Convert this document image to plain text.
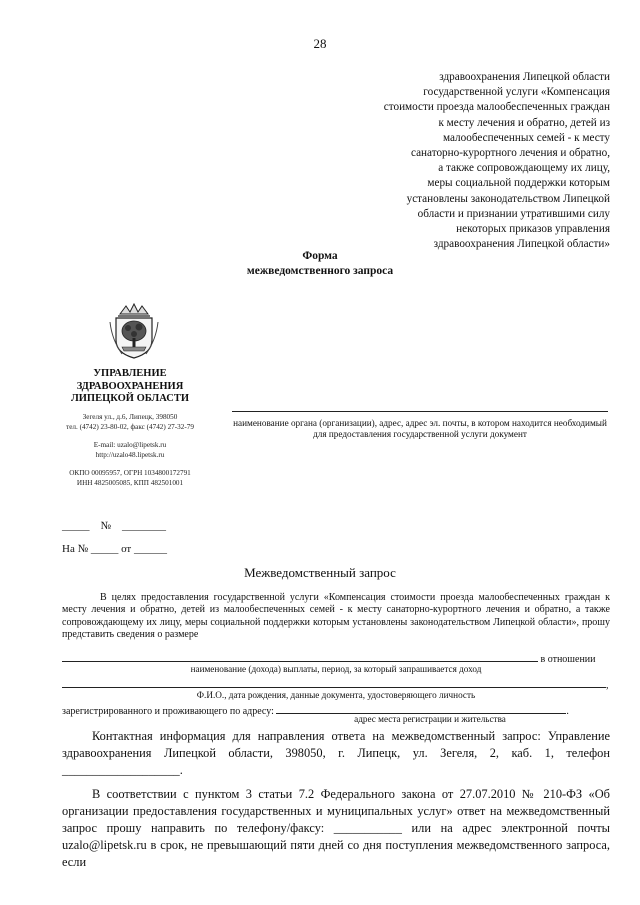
28
здравоохранения Липецкой области
государственной услуги «Компенсация
стоимости проезда малообеспеченных граждан
к месту лечения и обратно, детей из
малообеспеченных семей - к месту
санаторно-курортного лечения и обратно,
а также сопровождающему их лицу,
меры социальной поддержки которым
установлены законодательством Липецкой
области и признании утратившими силу
некоторых приказов управления
здравоохранения Липецкой области»
Форма
межведомственного запроса
УПРАВЛЕНИЕ
ЗДРАВООХРАНЕНИЯ
ЛИПЕЦКОЙ ОБЛАСТИ
Зегеля ул., д.6, Липецк, 398050
тел. (4742) 23-80-02, факс (4742) 27-32-79
E-mail: uzalo@lipetsk.ru
http://uzalo48.lipetsk.ru
ОКПО 00095957, ОГРН 1034800172791
ИНН 4825005085, КПП 482501001
_____ № ________
На № _____ от ______
наименование органа (организации), адрес, адрес эл. почты, в котором находится необходимый для предоставления государственной услуги документ
Межведомственный запрос

В целях предоставления государственной услуги «Компенсация стоимости проезда малообеспеченных граждан к месту лечения и обратно, детей из малообеспеченных семей - к месту санаторно-курортного лечения и обратно, а также сопровождающему их лицу, меры социальной поддержки которым установлены законодательством Липецкой области», прошу представить сведения о размере

в отношении
наименование (дохода) выплаты, период, за который запрашивается доход
,
Ф.И.О., дата рождения, данные документа, удостоверяющего личность
зарегистрированного и проживающего по адресу:	.
адрес места регистрации и жительства

Контактная информация для направления ответа на межведомственный запрос: Управление здравоохранения Липецкой области, 398050, г. Липецк, ул. Зегеля, 2, каб. 1, телефон ___________________.

В соответствии с пунктом 3 статьи 7.2 Федерального закона от 27.07.2010 № 210-ФЗ «Об организации предоставления государственных и муниципальных услуг» ответ на межведомственный запрос прошу направить по телефону/факсу: ___________ или на адрес электронной почты uzalo@lipetsk.ru в срок, не превышающий пяти дней со дня поступления межведомственного запроса, если
